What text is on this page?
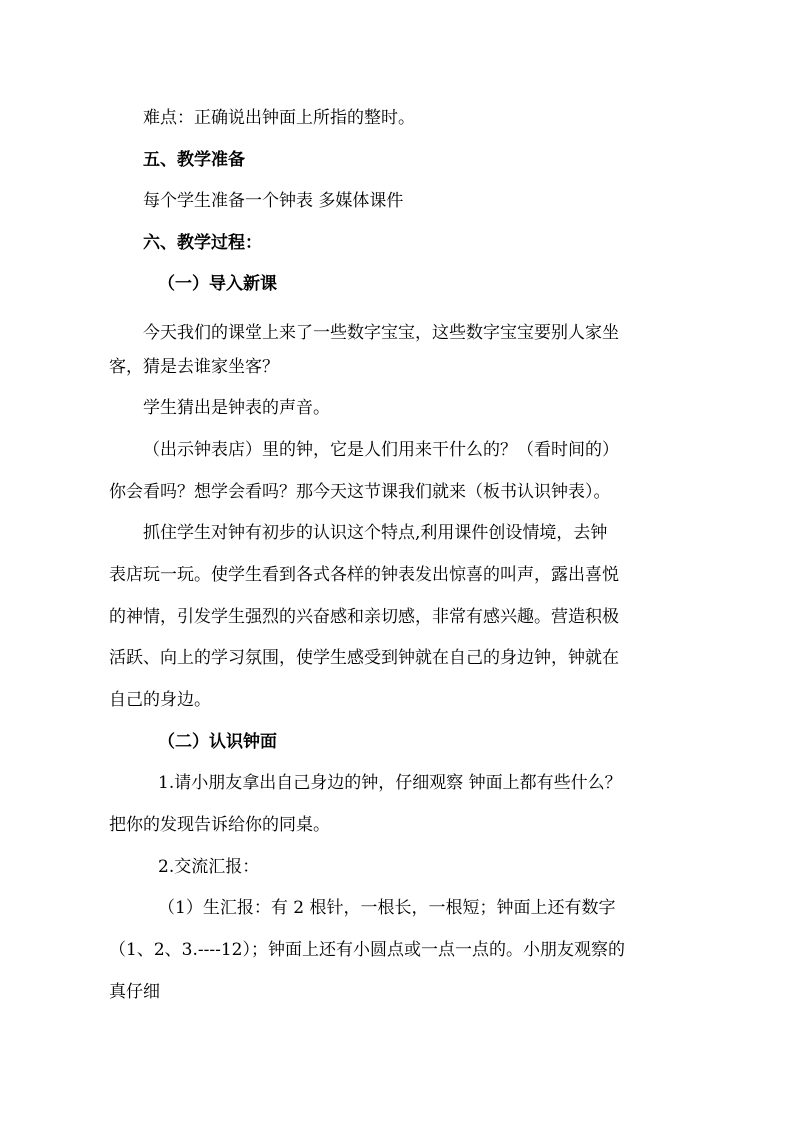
难点：正确说出钟面上所指的整时。
五、教学准备
每个学生准备一个钟表 多媒体课件
六、教学过程：
（一）导入新课
今天我们的课堂上来了一些数字宝宝，这些数字宝宝要别人家坐
客，猜是去谁家坐客？
学生猜出是钟表的声音。
（出示钟表店）里的钟，它是人们用来干什么的？（看时间的）
你会看吗？想学会看吗？那今天这节课我们就来（板书认识钟表）。
抓住学生对钟有初步的认识这个特点,利用课件创设情境，去钟
表店玩一玩。使学生看到各式各样的钟表发出惊喜的叫声，露出喜悦
的神情，引发学生强烈的兴奋感和亲切感，非常有感兴趣。营造积极
活跃、向上的学习氛围，使学生感受到钟就在自己的身边钟，钟就在
自己的身边。
（二）认识钟面
1.请小朋友拿出自己身边的钟，仔细观察 钟面上都有些什么？
把你的发现告诉给你的同桌。
2.交流汇报：
（1）生汇报：有 2 根针，一根长，一根短；钟面上还有数字
（1、2、3.----12）；钟面上还有小圆点或一点一点的。小朋友观察的
真仔细
